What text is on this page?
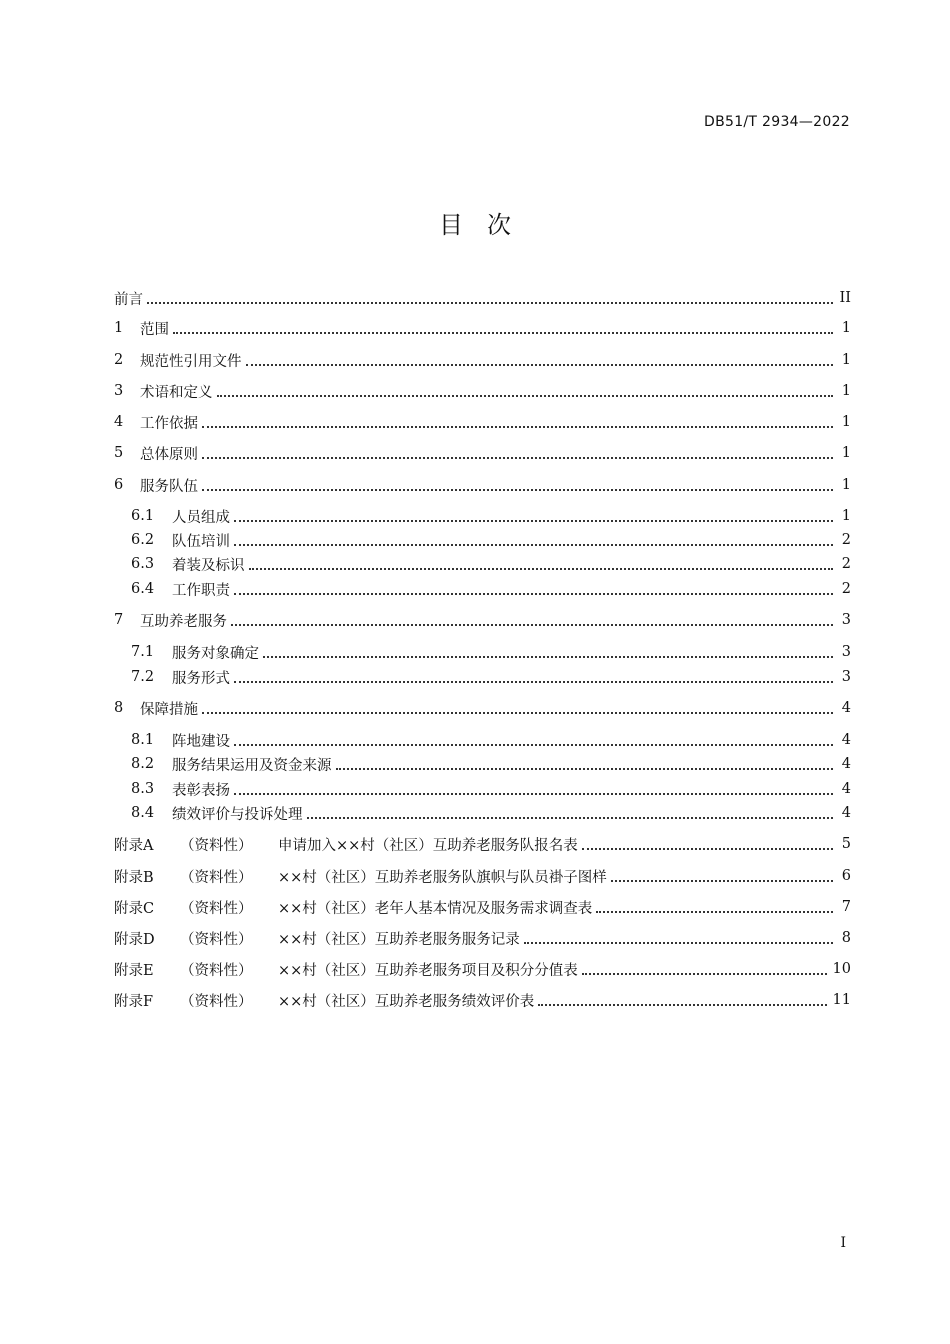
DB51/T 2934—2022
目次
前言	II
1	范围	1
2	规范性引用文件	1
3	术语和定义	1
4	工作依据	1
5	总体原则	1
6	服务队伍	1
6.1	人员组成	1
6.2	队伍培训	2
6.3	着装及标识	2
6.4	工作职责	2
7	互助养老服务	3
7.1	服务对象确定	3
7.2	服务形式	3
8	保障措施	4
8.1	阵地建设	4
8.2	服务结果运用及资金来源	4
8.3	表彰表扬	4
8.4	绩效评价与投诉处理	4
附录A	（资料性）	申请加入××村（社区）互助养老服务队报名表	5
附录B	（资料性）	××村（社区）互助养老服务队旗帜与队员褂子图样	6
附录C	（资料性）	××村（社区）老年人基本情况及服务需求调查表	7
附录D	（资料性）	××村（社区）互助养老服务服务记录	8
附录E	（资料性）	××村（社区）互助养老服务项目及积分分值表	10
附录F	（资料性）	××村（社区）互助养老服务绩效评价表	11
I
